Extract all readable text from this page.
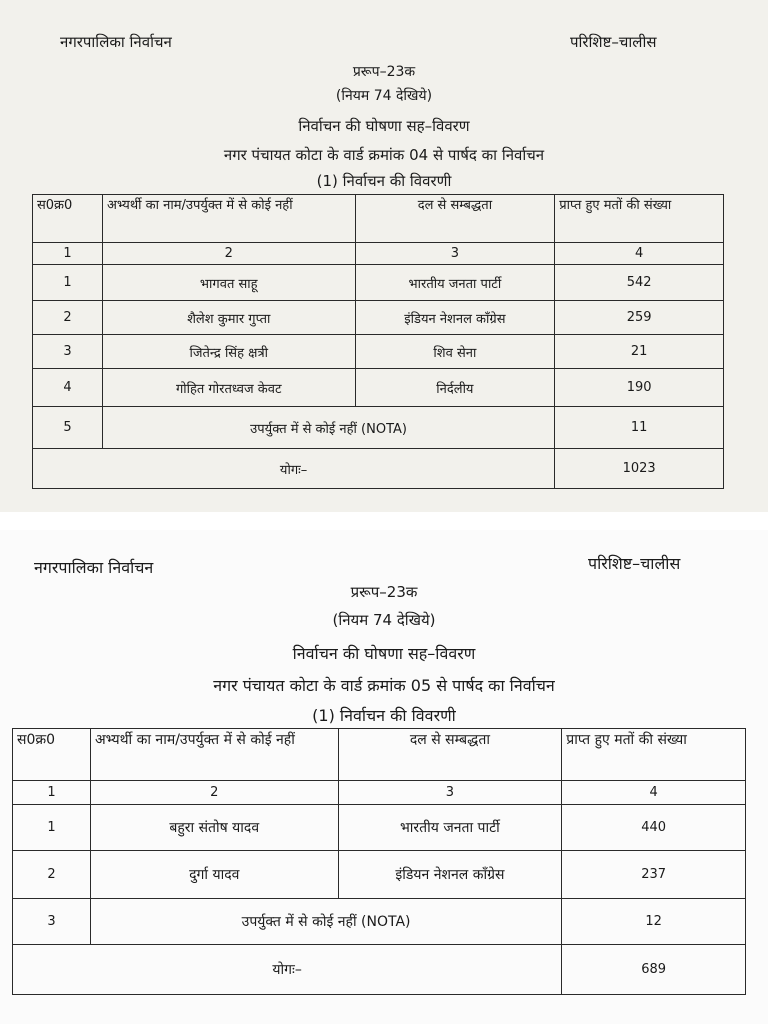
नगरपालिका निर्वाचन	परिशिष्ट–चालीस
प्ररूप–23क
(नियम 74 देखिये)
निर्वाचन की घोषणा सह–विवरण
नगर पंचायत कोटा के वार्ड क्रमांक 04 से पार्षद का निर्वाचन
(1) निर्वाचन की विवरणी
स0क्र0	अभ्यर्थी का नाम/उपर्युक्त में से कोई नहीं	दल से सम्बद्धता	प्राप्त हुए मतों की संख्या
1	2	3	4
1	भागवत साहू	भारतीय जनता पार्टी	542
2	शैलेश कुमार गुप्ता	इंडियन नेशनल कॉंग्रेस	259
3	जितेन्द्र सिंह क्षत्री	शिव सेना	21
4	गोहित गोरतध्वज केवट	निर्दलीय	190
5	उपर्युक्त में से कोई नहीं (NOTA)		11
योगः–			1023
नगरपालिका निर्वाचन	परिशिष्ट–चालीस
प्ररूप–23क
(नियम 74 देखिये)
निर्वाचन की घोषणा सह–विवरण
नगर पंचायत कोटा के वार्ड क्रमांक 05 से पार्षद का निर्वाचन
(1) निर्वाचन की विवरणी
स0क्र0	अभ्यर्थी का नाम/उपर्युक्त में से कोई नहीं	दल से सम्बद्धता	प्राप्त हुए मतों की संख्या
1	2	3	4
1	बहुरा संतोष यादव	भारतीय जनता पार्टी	440
2	दुर्गा यादव	इंडियन नेशनल कॉंग्रेस	237
3	उपर्युक्त में से कोई नहीं (NOTA)		12
योगः–			689
